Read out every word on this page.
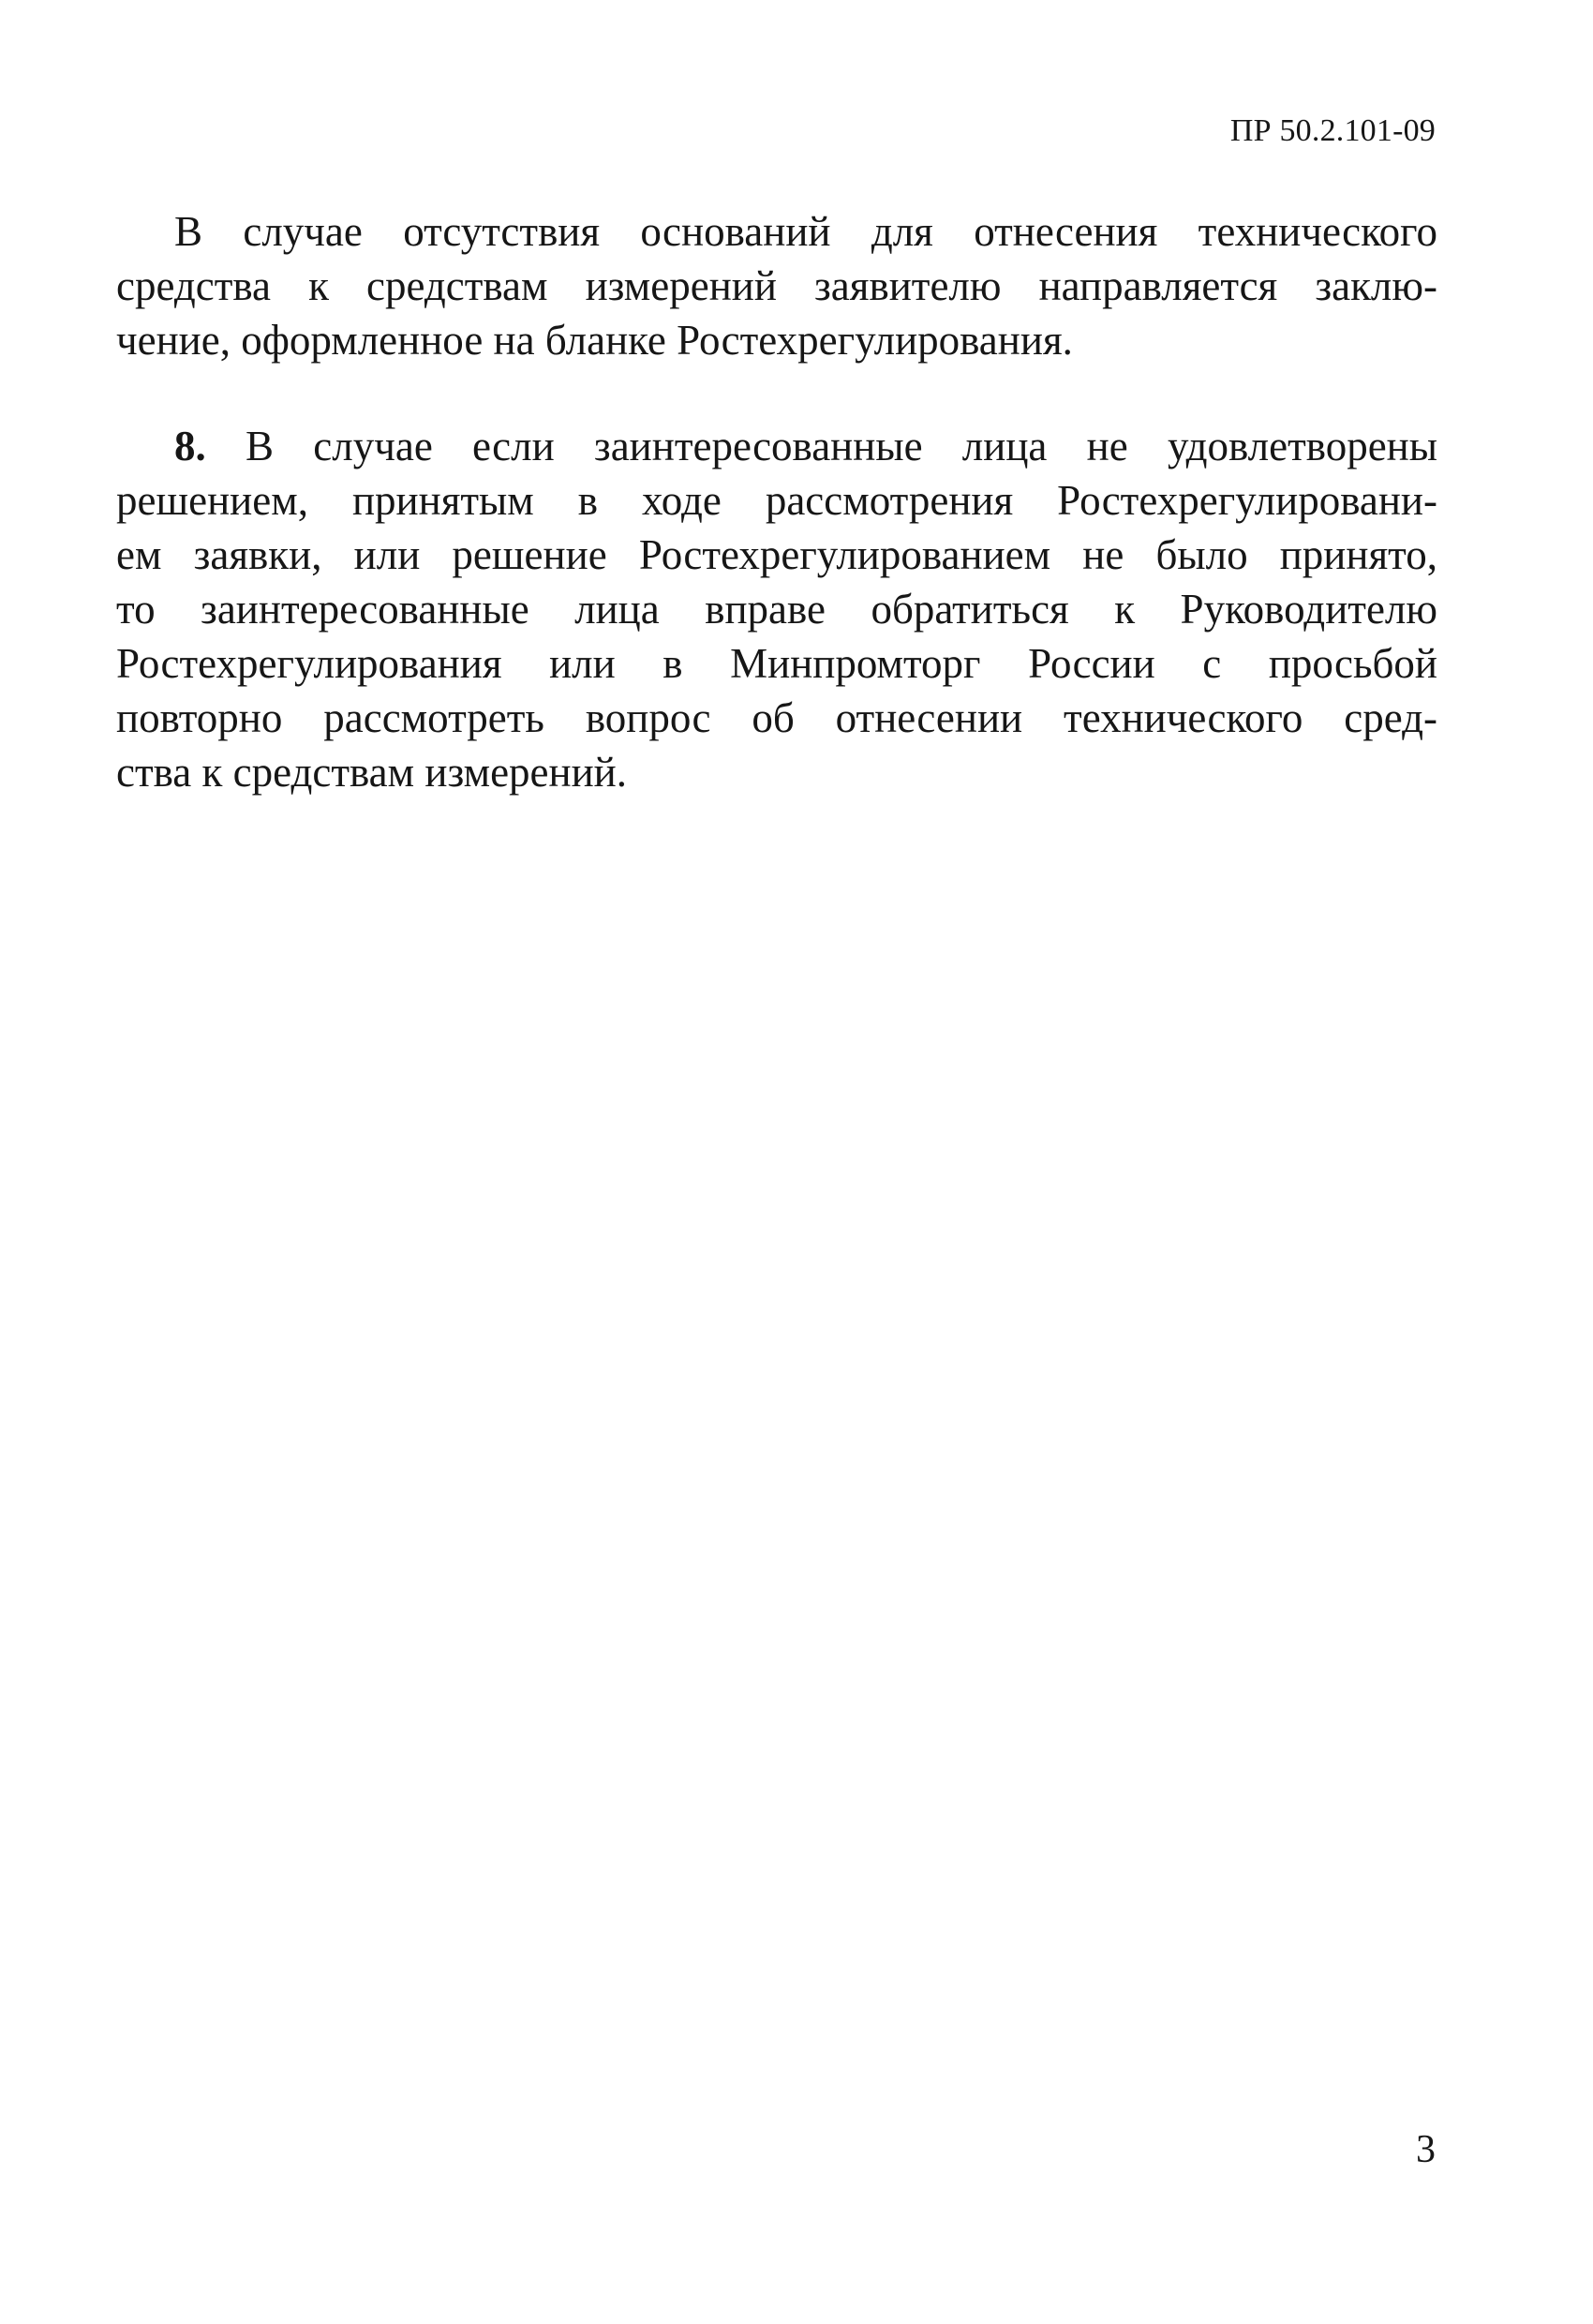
ПР 50.2.101-09
В случае отсутствия оснований для отнесения технического
средства к средствам измерений заявителю направляется заклю-
чение, оформленное на бланке Ростехрегулирования.
8. В случае если заинтересованные лица не удовлетворены
решением, принятым в ходе рассмотрения Ростехрегулировани-
ем заявки, или решение Ростехрегулированием не было принято,
то заинтересованные лица вправе обратиться к Руководителю
Ростехрегулирования или в Минпромторг России с просьбой
повторно рассмотреть вопрос об отнесении технического сред-
ства к средствам измерений.
3
